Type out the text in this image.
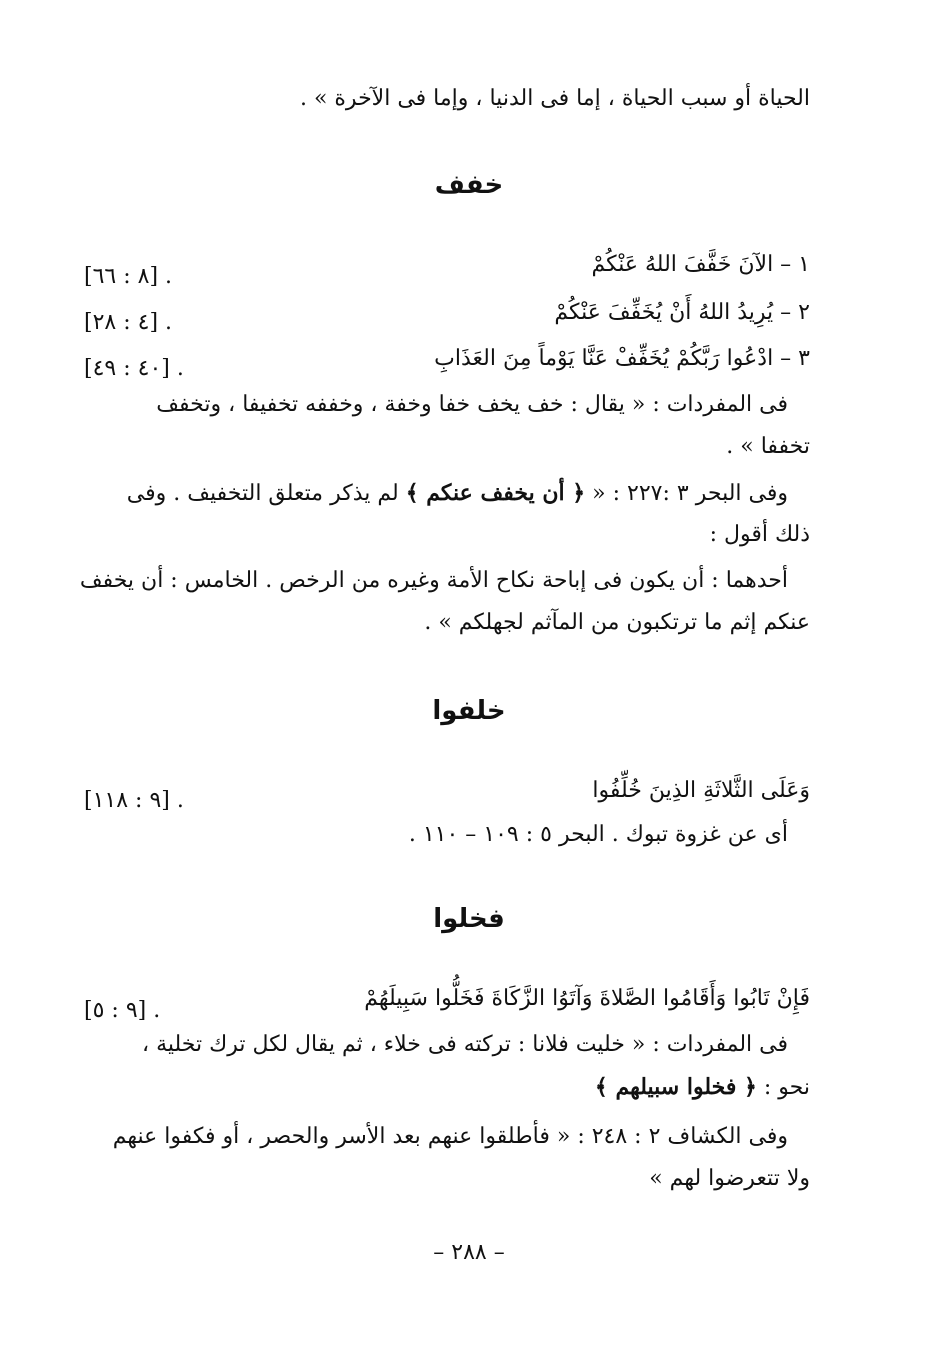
الحياة أو سبب الحياة ، إما فى الدنيا ، وإما فى الآخرة » .
خفف
١ – الآنَ خَفَّفَ اللهُ عَنْكُمْ
. [٨ : ٦٦]
٢ – يُرِيدُ اللهُ أَنْ يُخَفِّفَ عَنْكُمْ
. [٤ : ٢٨]
٣ – ادْعُوا رَبَّكُمْ يُخَفِّفْ عَنَّا يَوْماً مِنَ العَذَابِ
. [٤٠ : ٤٩]
فى المفردات : « يقال : خف يخف خفا وخفة ، وخففه تخفيفا ، وتخفف
تخففا » .
وفى البحر ٣ :٢٢٧ : « ﴿ أن يخفف عنكم ﴾ لم يذكر متعلق التخفيف . وفى
ذلك أقول :
أحدهما : أن يكون فى إباحة نكاح الأمة وغيره من الرخص . الخامس : أن يخفف
عنكم إثم ما ترتكبون من المآثم لجهلكم » .
خلفوا
وَعَلَى الثَّلاثَةِ الذِينَ خُلِّفُوا
. [٩ : ١١٨]
أى عن غزوة تبوك . البحر ٥ : ١٠٩ – ١١٠ .
فخلوا
فَإِنْ تَابُوا وَأَقَامُوا الصَّلاةَ وَآتَوُا الزَّكَاةَ فَخَلُّوا سَبِيلَهُمْ
. [٩ : ٥]
فى المفردات : « خليت فلانا : تركته فى خلاء ، ثم يقال لكل ترك تخلية ،
نحو : ﴿ فخلوا سبيلهم ﴾
وفى الكشاف ٢ : ٢٤٨ : « فأطلقوا عنهم بعد الأسر والحصر ، أو فكفوا عنهم
ولا تتعرضوا لهم »
– ٢٨٨ –
